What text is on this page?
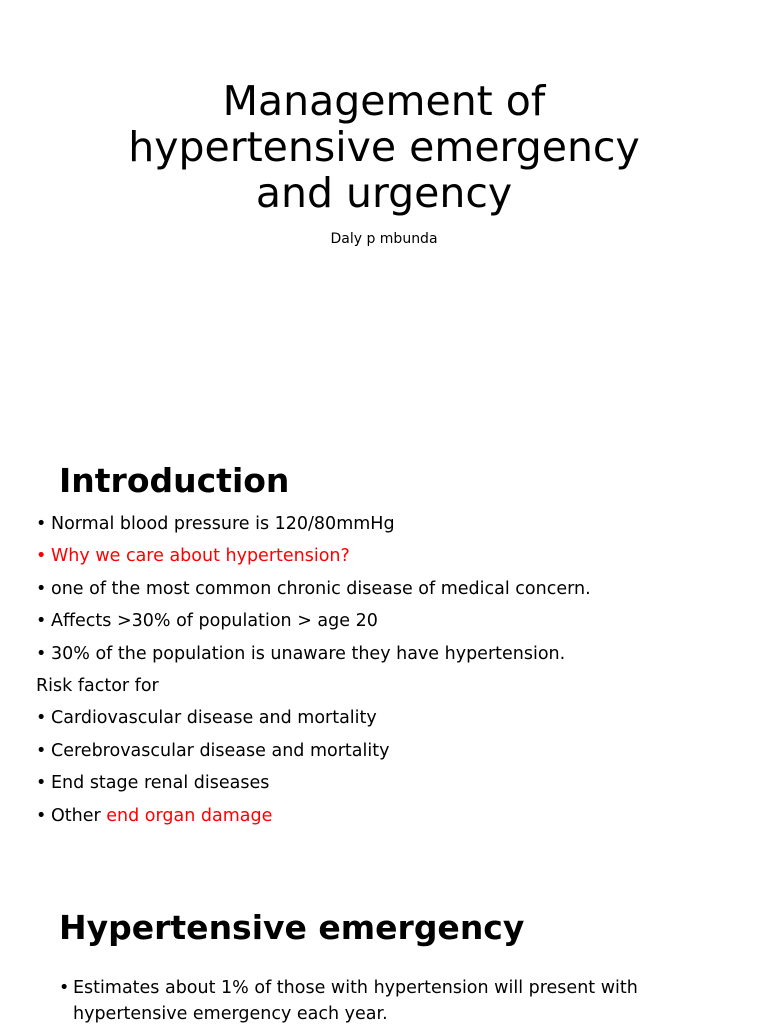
Management of
hypertensive emergency
and urgency
Daly p mbunda
Introduction
• Normal blood pressure is 120/80mmHg
• Why we care about hypertension?
• one of the most common chronic disease of medical concern.
• Affects >30% of population > age 20
• 30% of the population is unaware they have hypertension.
Risk factor for
• Cardiovascular disease and mortality
• Cerebrovascular disease and mortality
• End stage renal diseases
• Other end organ damage
Hypertensive emergency
• Estimates about 1% of those with hypertension will present with
hypertensive emergency each year.
